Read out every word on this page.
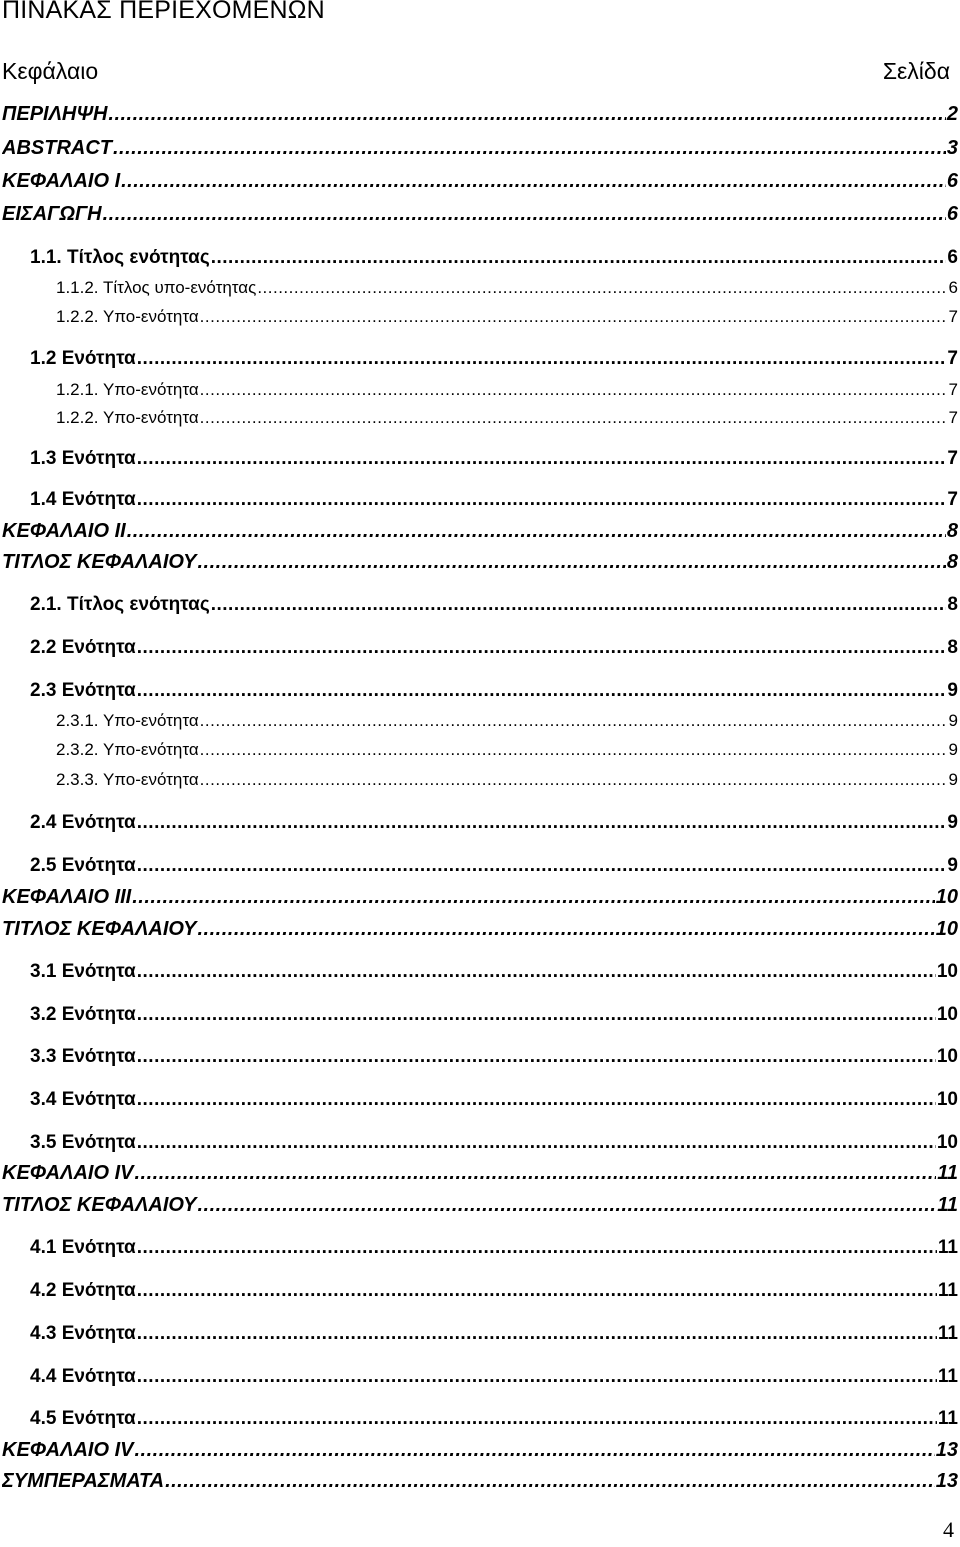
ΠΙΝΑΚΑΣ ΠΕΡΙΕΧΟΜΕΝΩΝ
Κεφάλαιο	Σελίδα
ΠΕΡΙΛΗΨΗ .....	2
ABSTRACT .....	3
ΚΕΦΑΛΑΙΟ Ι .....	6
ΕΙΣΑΓΩΓΗ .....	6
1.1. Τίτλος ενότητας .....	6
1.1.2. Τίτλος υπο-ενότητας .....	6
1.2.2. Υπο-ενότητα .....	7
1.2 Ενότητα .....	7
1.2.1. Υπο-ενότητα .....	7
1.2.2. Υπο-ενότητα .....	7
1.3 Ενότητα .....	7
1.4 Ενότητα .....	7
ΚΕΦΑΛΑΙΟ ΙΙ .....	8
ΤΙΤΛΟΣ ΚΕΦΑΛΑΙΟΥ .....	8
2.1. Τίτλος ενότητας .....	8
2.2 Ενότητα .....	8
2.3 Ενότητα .....	9
2.3.1. Υπο-ενότητα .....	9
2.3.2. Υπο-ενότητα .....	9
2.3.3. Υπο-ενότητα .....	9
2.4 Ενότητα .....	9
2.5 Ενότητα .....	9
ΚΕΦΑΛΑΙΟ ΙΙΙ .....	10
ΤΙΤΛΟΣ ΚΕΦΑΛΑΙΟΥ .....	10
3.1 Ενότητα .....	10
3.2 Ενότητα .....	10
3.3 Ενότητα .....	10
3.4 Ενότητα .....	10
3.5 Ενότητα .....	10
ΚΕΦΑΛΑΙΟ IV .....	11
ΤΙΤΛΟΣ ΚΕΦΑΛΑΙΟΥ .....	11
4.1 Ενότητα .....	11
4.2 Ενότητα .....	11
4.3 Ενότητα .....	11
4.4 Ενότητα .....	11
4.5 Ενότητα .....	11
ΚΕΦΑΛΑΙΟ IV .....	13
ΣΥΜΠΕΡΑΣΜΑΤΑ .....	13
4
